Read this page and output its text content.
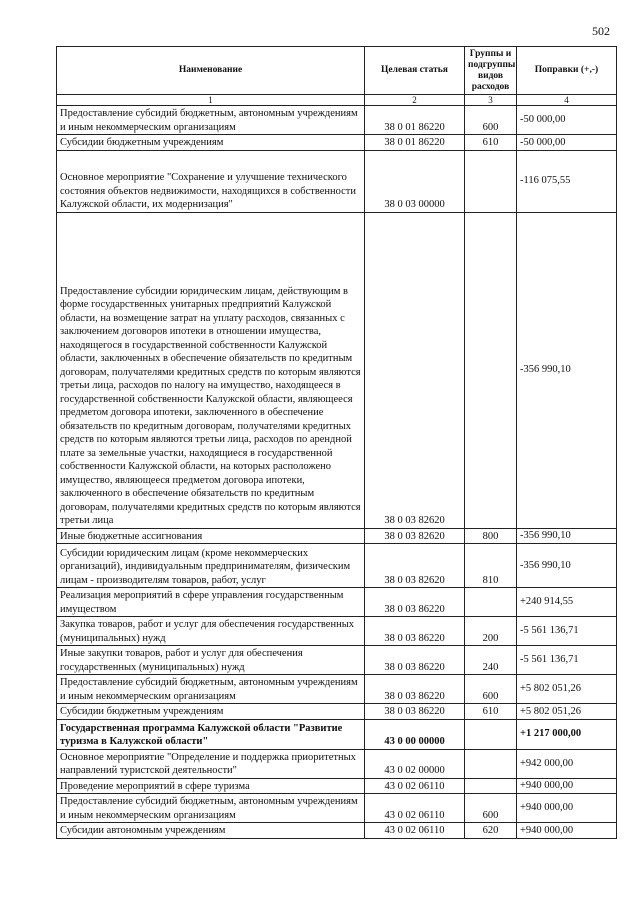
502
Наименование	Целевая статья	Группы и подгруппы видов расходов	Поправки (+,-)
1	2	3	4
Предоставление субсидий бюджетным, автономным учреждениям и иным некоммерческим организациям	38 0 01 86220	600	-50 000,00
Субсидии бюджетным учреждениям	38 0 01 86220	610	-50 000,00
Основное мероприятие "Сохранение и улучшение технического состояния объектов недвижимости, находящихся в собственности Калужской области, их модернизация"	38 0 03 00000		-116 075,55
Предоставление субсидии юридическим лицам, действующим в форме государственных унитарных предприятий Калужской области, на возмещение затрат на уплату расходов, связанных с заключением договоров ипотеки в отношении имущества, находящегося в государственной собственности Калужской области, заключенных в обеспечение обязательств по кредитным договорам, получателями кредитных средств по которым являются третьи лица, расходов по налогу на имущество, находящееся в государственной собственности Калужской области, являющееся предметом договора ипотеки, заключенного в обеспечение обязательств по кредитным договорам, получателями кредитных средств по которым являются третьи лица, расходов по арендной плате за земельные участки, находящиеся в государственной собственности Калужской области, на которых расположено имущество, являющееся предметом договора ипотеки, заключенного в обеспечение обязательств по кредитным договорам, получателями кредитных средств по которым являются третьи лица	38 0 03 82620		-356 990,10
Иные бюджетные ассигнования	38 0 03 82620	800	-356 990,10
Субсидии юридическим лицам (кроме некоммерческих организаций), индивидуальным предпринимателям, физическим лицам - производителям товаров, работ, услуг	38 0 03 82620	810	-356 990,10
Реализация мероприятий в сфере управления государственным имуществом	38 0 03 86220		+240 914,55
Закупка товаров, работ и услуг для обеспечения государственных (муниципальных) нужд	38 0 03 86220	200	-5 561 136,71
Иные закупки товаров, работ и услуг для обеспечения государственных (муниципальных) нужд	38 0 03 86220	240	-5 561 136,71
Предоставление субсидий бюджетным, автономным учреждениям и иным некоммерческим организациям	38 0 03 86220	600	+5 802 051,26
Субсидии бюджетным учреждениям	38 0 03 86220	610	+5 802 051,26
Государственная программа Калужской области "Развитие туризма в Калужской области"	43 0 00 00000		+1 217 000,00
Основное мероприятие "Определение и поддержка приоритетных направлений туристской деятельности"	43 0 02 00000		+942 000,00
Проведение мероприятий в сфере туризма	43 0 02 06110		+940 000,00
Предоставление субсидий бюджетным, автономным учреждениям и иным некоммерческим организациям	43 0 02 06110	600	+940 000,00
Субсидии автономным учреждениям	43 0 02 06110	620	+940 000,00
